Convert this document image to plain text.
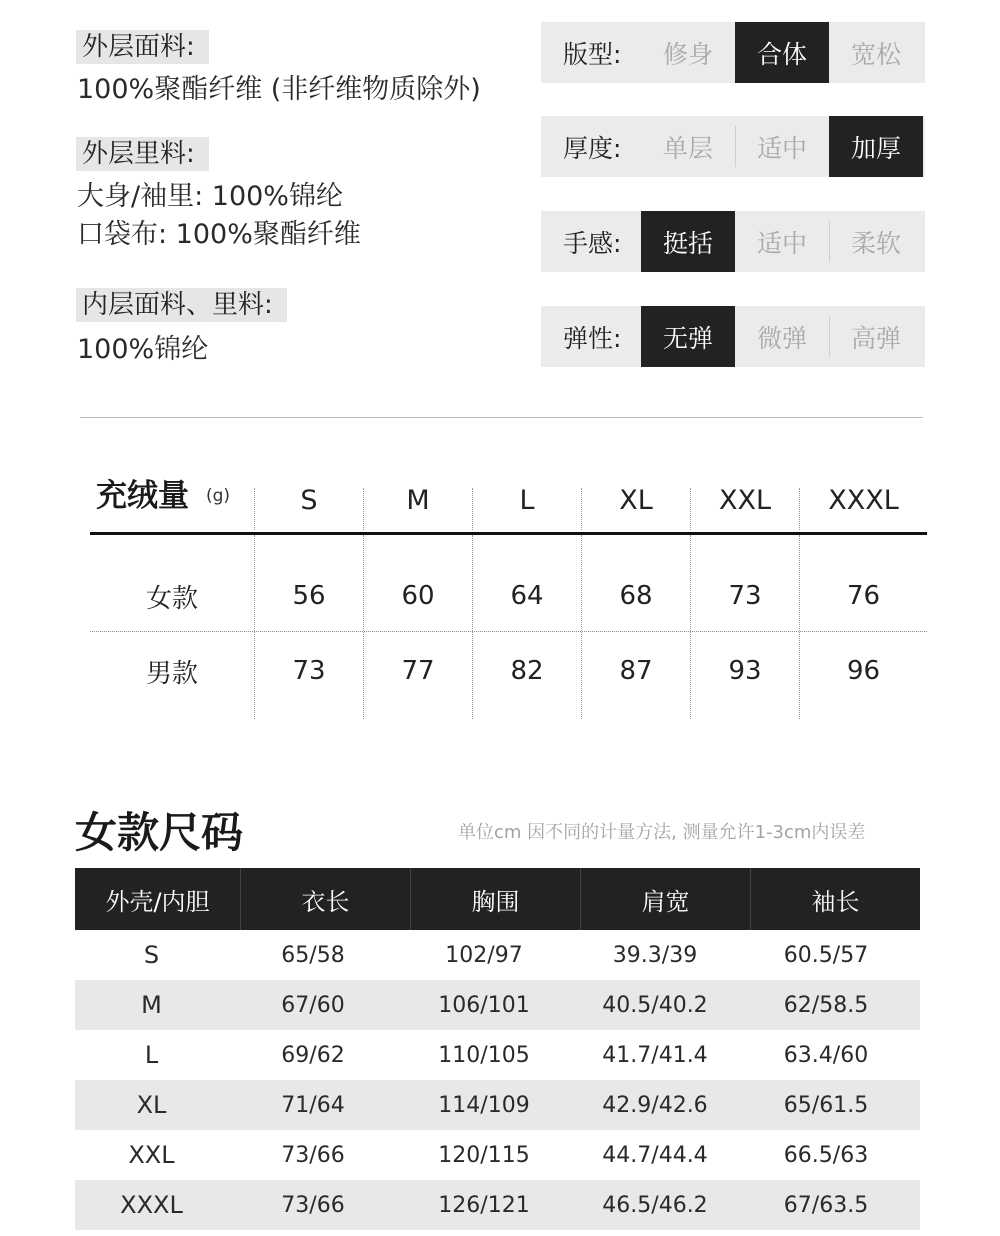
外层面料:
100%聚酯纤维 (非纤维物质除外)
外层里料:
大身/袖里: 100%锦纶
口袋布: 100%聚酯纤维
内层面料、里料:
100%锦纶
版型:	修身	合体	宽松
厚度:	单层	适中	加厚
手感:	挺括	适中	柔软
弹性:	无弹	微弹	高弹
充绒量 (g)	S	M	L	XL	XXL	XXXL
女款	56	60	64	68	73	76
男款	73	77	82	87	93	96
女款尺码	单位cm 因不同的计量方法, 测量允许1-3cm内误差
外壳/内胆	衣长	胸围	肩宽	袖长
S	65/58	102/97	39.3/39	60.5/57
M	67/60	106/101	40.5/40.2	62/58.5
L	69/62	110/105	41.7/41.4	63.4/60
XL	71/64	114/109	42.9/42.6	65/61.5
XXL	73/66	120/115	44.7/44.4	66.5/63
XXXL	73/66	126/121	46.5/46.2	67/63.5
